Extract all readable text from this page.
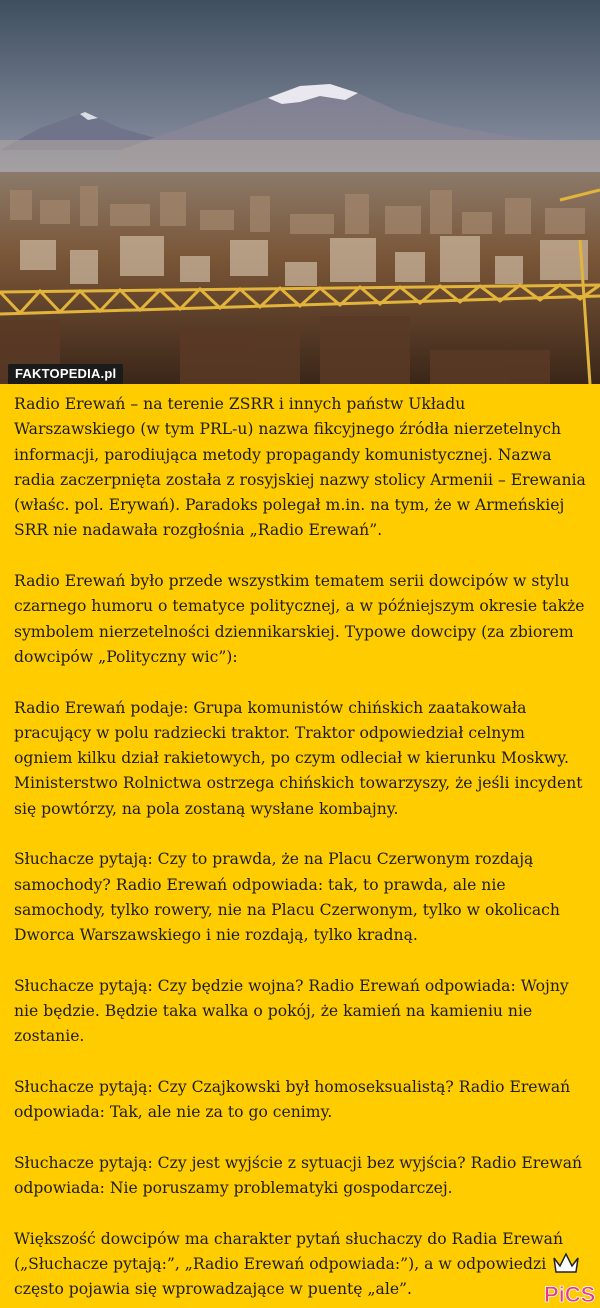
FAKTOPEDIA.pl

Radio Erewań – na terenie ZSRR i innych państw Układu Warszawskiego (w tym PRL-u) nazwa fikcyjnego źródła nierzetelnych informacji, parodiująca metody propagandy komunistycznej. Nazwa radia zaczerpnięta została z rosyjskiej nazwy stolicy Armenii – Erewania (właśc. pol. Erywań). Paradoks polegał m.in. na tym, że w Armeńskiej SRR nie nadawała rozgłośnia „Radio Erewań”.

Radio Erewań było przede wszystkim tematem serii dowcipów w stylu czarnego humoru o tematyce politycznej, a w późniejszym okresie także symbolem nierzetelności dziennikarskiej. Typowe dowcipy (za zbiorem dowcipów „Polityczny wic”):

Radio Erewań podaje: Grupa komunistów chińskich zaatakowała pracujący w polu radziecki traktor. Traktor odpowiedział celnym ogniem kilku dział rakietowych, po czym odleciał w kierunku Moskwy. Ministerstwo Rolnictwa ostrzega chińskich towarzyszy, że jeśli incydent się powtórzy, na pola zostaną wysłane kombajny.

Słuchacze pytają: Czy to prawda, że na Placu Czerwonym rozdają samochody? Radio Erewań odpowiada: tak, to prawda, ale nie samochody, tylko rowery, nie na Placu Czerwonym, tylko w okolicach Dworca Warszawskiego i nie rozdają, tylko kradną.

Słuchacze pytają: Czy będzie wojna? Radio Erewań odpowiada: Wojny nie będzie. Będzie taka walka o pokój, że kamień na kamieniu nie zostanie.

Słuchacze pytają: Czy Czajkowski był homoseksualistą? Radio Erewań odpowiada: Tak, ale nie za to go cenimy.

Słuchacze pytają: Czy jest wyjście z sytuacji bez wyjścia? Radio Erewań odpowiada: Nie poruszamy problematyki gospodarczej.

Większość dowcipów ma charakter pytań słuchaczy do Radia Erewań („Słuchacze pytają:”, „Radio Erewań odpowiada:”), a w odpowiedzi często pojawia się wprowadzające w puentę „ale”.	PiCS
